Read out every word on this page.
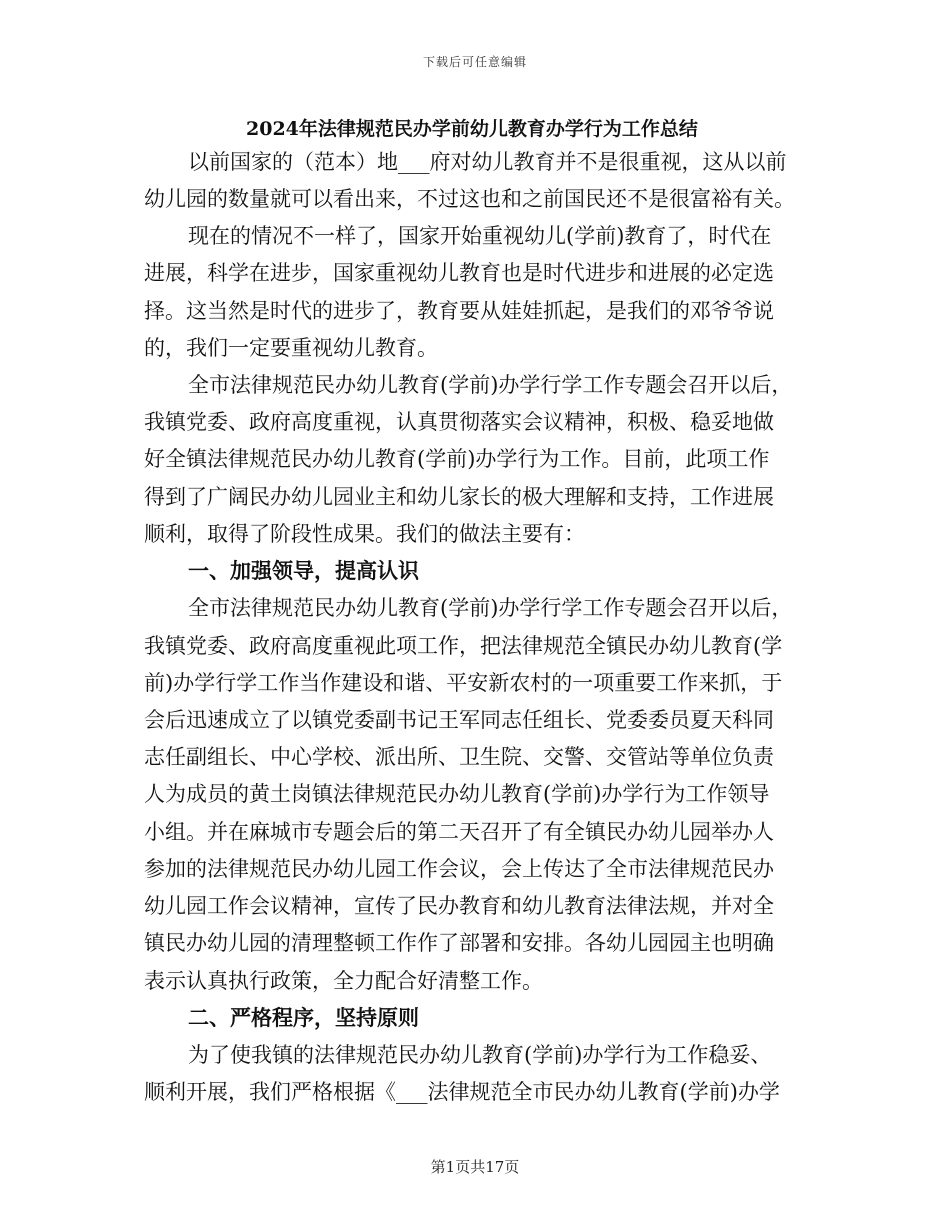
下载后可任意编辑
2024年法律规范民办学前幼儿教育办学行为工作总结
以前国家的（范本）地___府对幼儿教育并不是很重视，这从以前
幼儿园的数量就可以看出来，不过这也和之前国民还不是很富裕有关。
现在的情况不一样了，国家开始重视幼儿(学前)教育了，时代在
进展，科学在进步，国家重视幼儿教育也是时代进步和进展的必定选
择。这当然是时代的进步了，教育要从娃娃抓起，是我们的邓爷爷说
的，我们一定要重视幼儿教育。
全市法律规范民办幼儿教育(学前)办学行学工作专题会召开以后，
我镇党委、政府高度重视，认真贯彻落实会议精神，积极、稳妥地做
好全镇法律规范民办幼儿教育(学前)办学行为工作。目前，此项工作
得到了广阔民办幼儿园业主和幼儿家长的极大理解和支持，工作进展
顺利，取得了阶段性成果。我们的做法主要有：
一、加强领导，提高认识
全市法律规范民办幼儿教育(学前)办学行学工作专题会召开以后，
我镇党委、政府高度重视此项工作，把法律规范全镇民办幼儿教育(学
前)办学行学工作当作建设和谐、平安新农村的一项重要工作来抓，于
会后迅速成立了以镇党委副书记王军同志任组长、党委委员夏天科同
志任副组长、中心学校、派出所、卫生院、交警、交管站等单位负责
人为成员的黄土岗镇法律规范民办幼儿教育(学前)办学行为工作领导
小组。并在麻城市专题会后的第二天召开了有全镇民办幼儿园举办人
参加的法律规范民办幼儿园工作会议，会上传达了全市法律规范民办
幼儿园工作会议精神，宣传了民办教育和幼儿教育法律法规，并对全
镇民办幼儿园的清理整顿工作作了部署和安排。各幼儿园园主也明确
表示认真执行政策，全力配合好清整工作。
二、严格程序，坚持原则
为了使我镇的法律规范民办幼儿教育(学前)办学行为工作稳妥、
顺利开展，我们严格根据《___法律规范全市民办幼儿教育(学前)办学
第1页共17页
